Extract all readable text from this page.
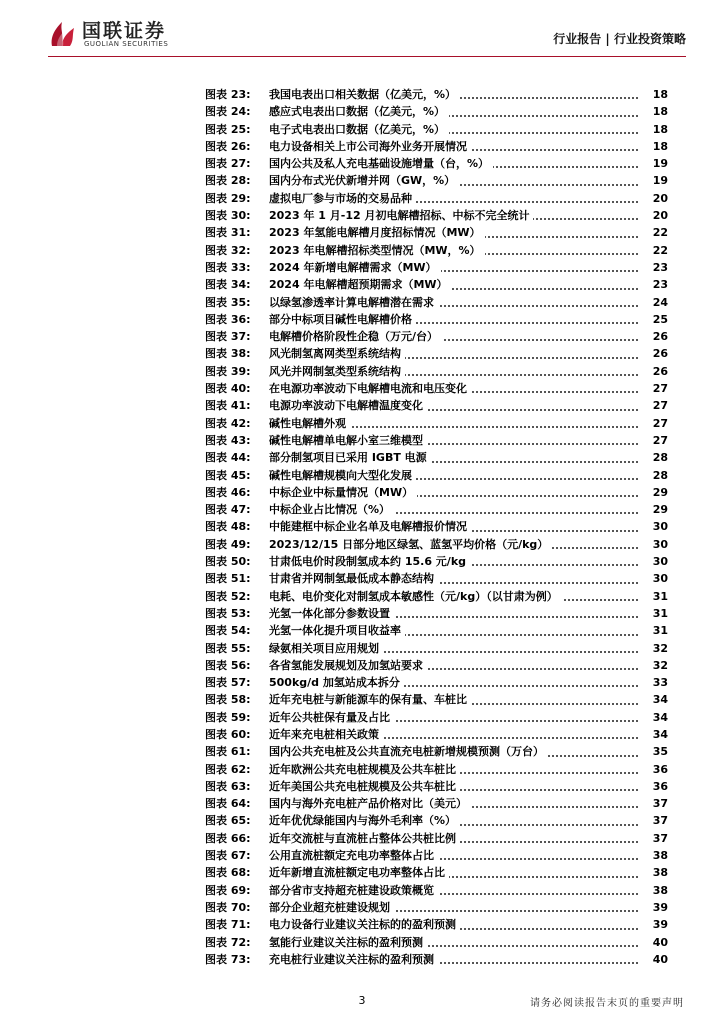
国联证券
GUOLIAN SECURITIES	行业报告 | 行业投资策略
图表 23:	我国电表出口相关数据（亿美元，%）	18
图表 24:	感应式电表出口数据（亿美元，%）	18
图表 25:	电子式电表出口数据（亿美元，%）	18
图表 26:	电力设备相关上市公司海外业务开展情况	18
图表 27:	国内公共及私人充电基础设施增量（台，%）	19
图表 28:	国内分布式光伏新增并网（GW，%）	19
图表 29:	虚拟电厂参与市场的交易品种	20
图表 30:	2023 年 1 月-12 月初电解槽招标、中标不完全统计	20
图表 31:	2023 年氢能电解槽月度招标情况（MW）	22
图表 32:	2023 年电解槽招标类型情况（MW，%）	22
图表 33:	2024 年新增电解槽需求（MW）	23
图表 34:	2024 年电解槽超预期需求（MW）	23
图表 35:	以绿氢渗透率计算电解槽潜在需求	24
图表 36:	部分中标项目碱性电解槽价格	25
图表 37:	电解槽价格阶段性企稳（万元/台）	26
图表 38:	风光制氢离网类型系统结构	26
图表 39:	风光并网制氢类型系统结构	26
图表 40:	在电源功率波动下电解槽电流和电压变化	27
图表 41:	电源功率波动下电解槽温度变化	27
图表 42:	碱性电解槽外观	27
图表 43:	碱性电解槽单电解小室三维模型	27
图表 44:	部分制氢项目已采用 IGBT 电源	28
图表 45:	碱性电解槽规模向大型化发展	28
图表 46:	中标企业中标量情况（MW）	29
图表 47:	中标企业占比情况（%）	29
图表 48:	中能建框中标企业名单及电解槽报价情况	30
图表 49:	2023/12/15 日部分地区绿氢、蓝氢平均价格（元/kg）	30
图表 50:	甘肃低电价时段制氢成本约 15.6 元/kg	30
图表 51:	甘肃省并网制氢最低成本静态结构	30
图表 52:	电耗、电价变化对制氢成本敏感性（元/kg）（以甘肃为例）	31
图表 53:	光氢一体化部分参数设置	31
图表 54:	光氢一体化提升项目收益率	31
图表 55:	绿氨相关项目应用规划	32
图表 56:	各省氢能发展规划及加氢站要求	32
图表 57:	500kg/d 加氢站成本拆分	33
图表 58:	近年充电桩与新能源车的保有量、车桩比	34
图表 59:	近年公共桩保有量及占比	34
图表 60:	近年来充电桩相关政策	34
图表 61:	国内公共充电桩及公共直流充电桩新增规模预测（万台）	35
图表 62:	近年欧洲公共充电桩规模及公共车桩比	36
图表 63:	近年美国公共充电桩规模及公共车桩比	36
图表 64:	国内与海外充电桩产品价格对比（美元）	37
图表 65:	近年优优绿能国内与海外毛利率（%）	37
图表 66:	近年交流桩与直流桩占整体公共桩比例	37
图表 67:	公用直流桩额定充电功率整体占比	38
图表 68:	近年新增直流桩额定电功率整体占比	38
图表 69:	部分省市支持超充桩建设政策概览	38
图表 70:	部分企业超充桩建设规划	39
图表 71:	电力设备行业建议关注标的的盈利预测	39
图表 72:	氢能行业建议关注标的盈利预测	40
图表 73:	充电桩行业建议关注标的盈利预测	40
3	请务必阅读报告末页的重要声明
